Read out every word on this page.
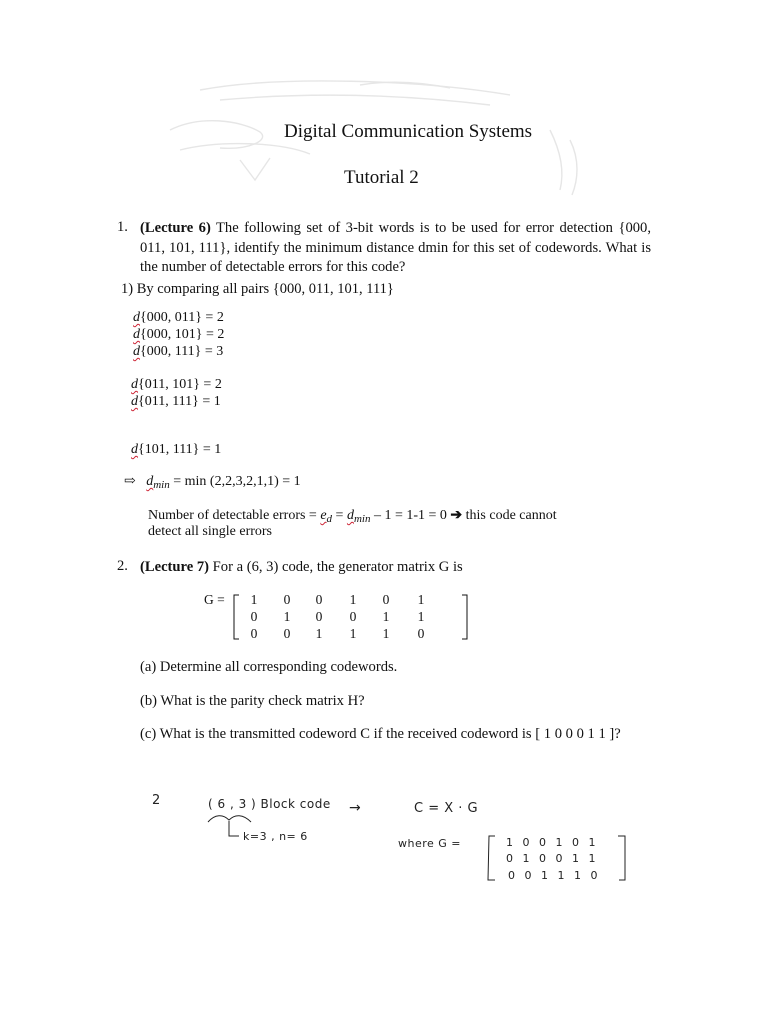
Digital Communication Systems
Tutorial 2
1. (Lecture 6) The following set of 3-bit words is to be used for error detection {000, 011, 101, 111}, identify the minimum distance dmin for this set of codewords. What is the number of detectable errors for this code?
1) By comparing all pairs {000, 011, 101, 111}
d{000, 011} = 2
d{000, 101} = 2
d{000, 111} = 3
d{011, 101} = 2
d{011, 111} = 1
d{101, 111} = 1
⇨ $d_{min} = \min (2,2,3,2,1,1) = 1$
Number of detectable errors = $e_d = d_{min} - 1 = 1-1 = 0$ ➔ this code cannot
detect all single errors
2. (Lecture 7) For a (6, 3) code, the generator matrix G is
G =	1	0	0	1	0	1
0	1	0	0	1	1
0	0	1	1	1	0
(a) Determine all corresponding codewords.
(b) What is the parity check matrix H?
(c) What is the transmitted codeword C if the received codeword is [ 1 0 0 0 1 1 ]?
2	( 6 , 3 ) Block code →	C = X · G
k=3 , n= 6
where G =	1 0 0 1 0 1
0 1 0 0 1 1
0 0 1 1 1 0
